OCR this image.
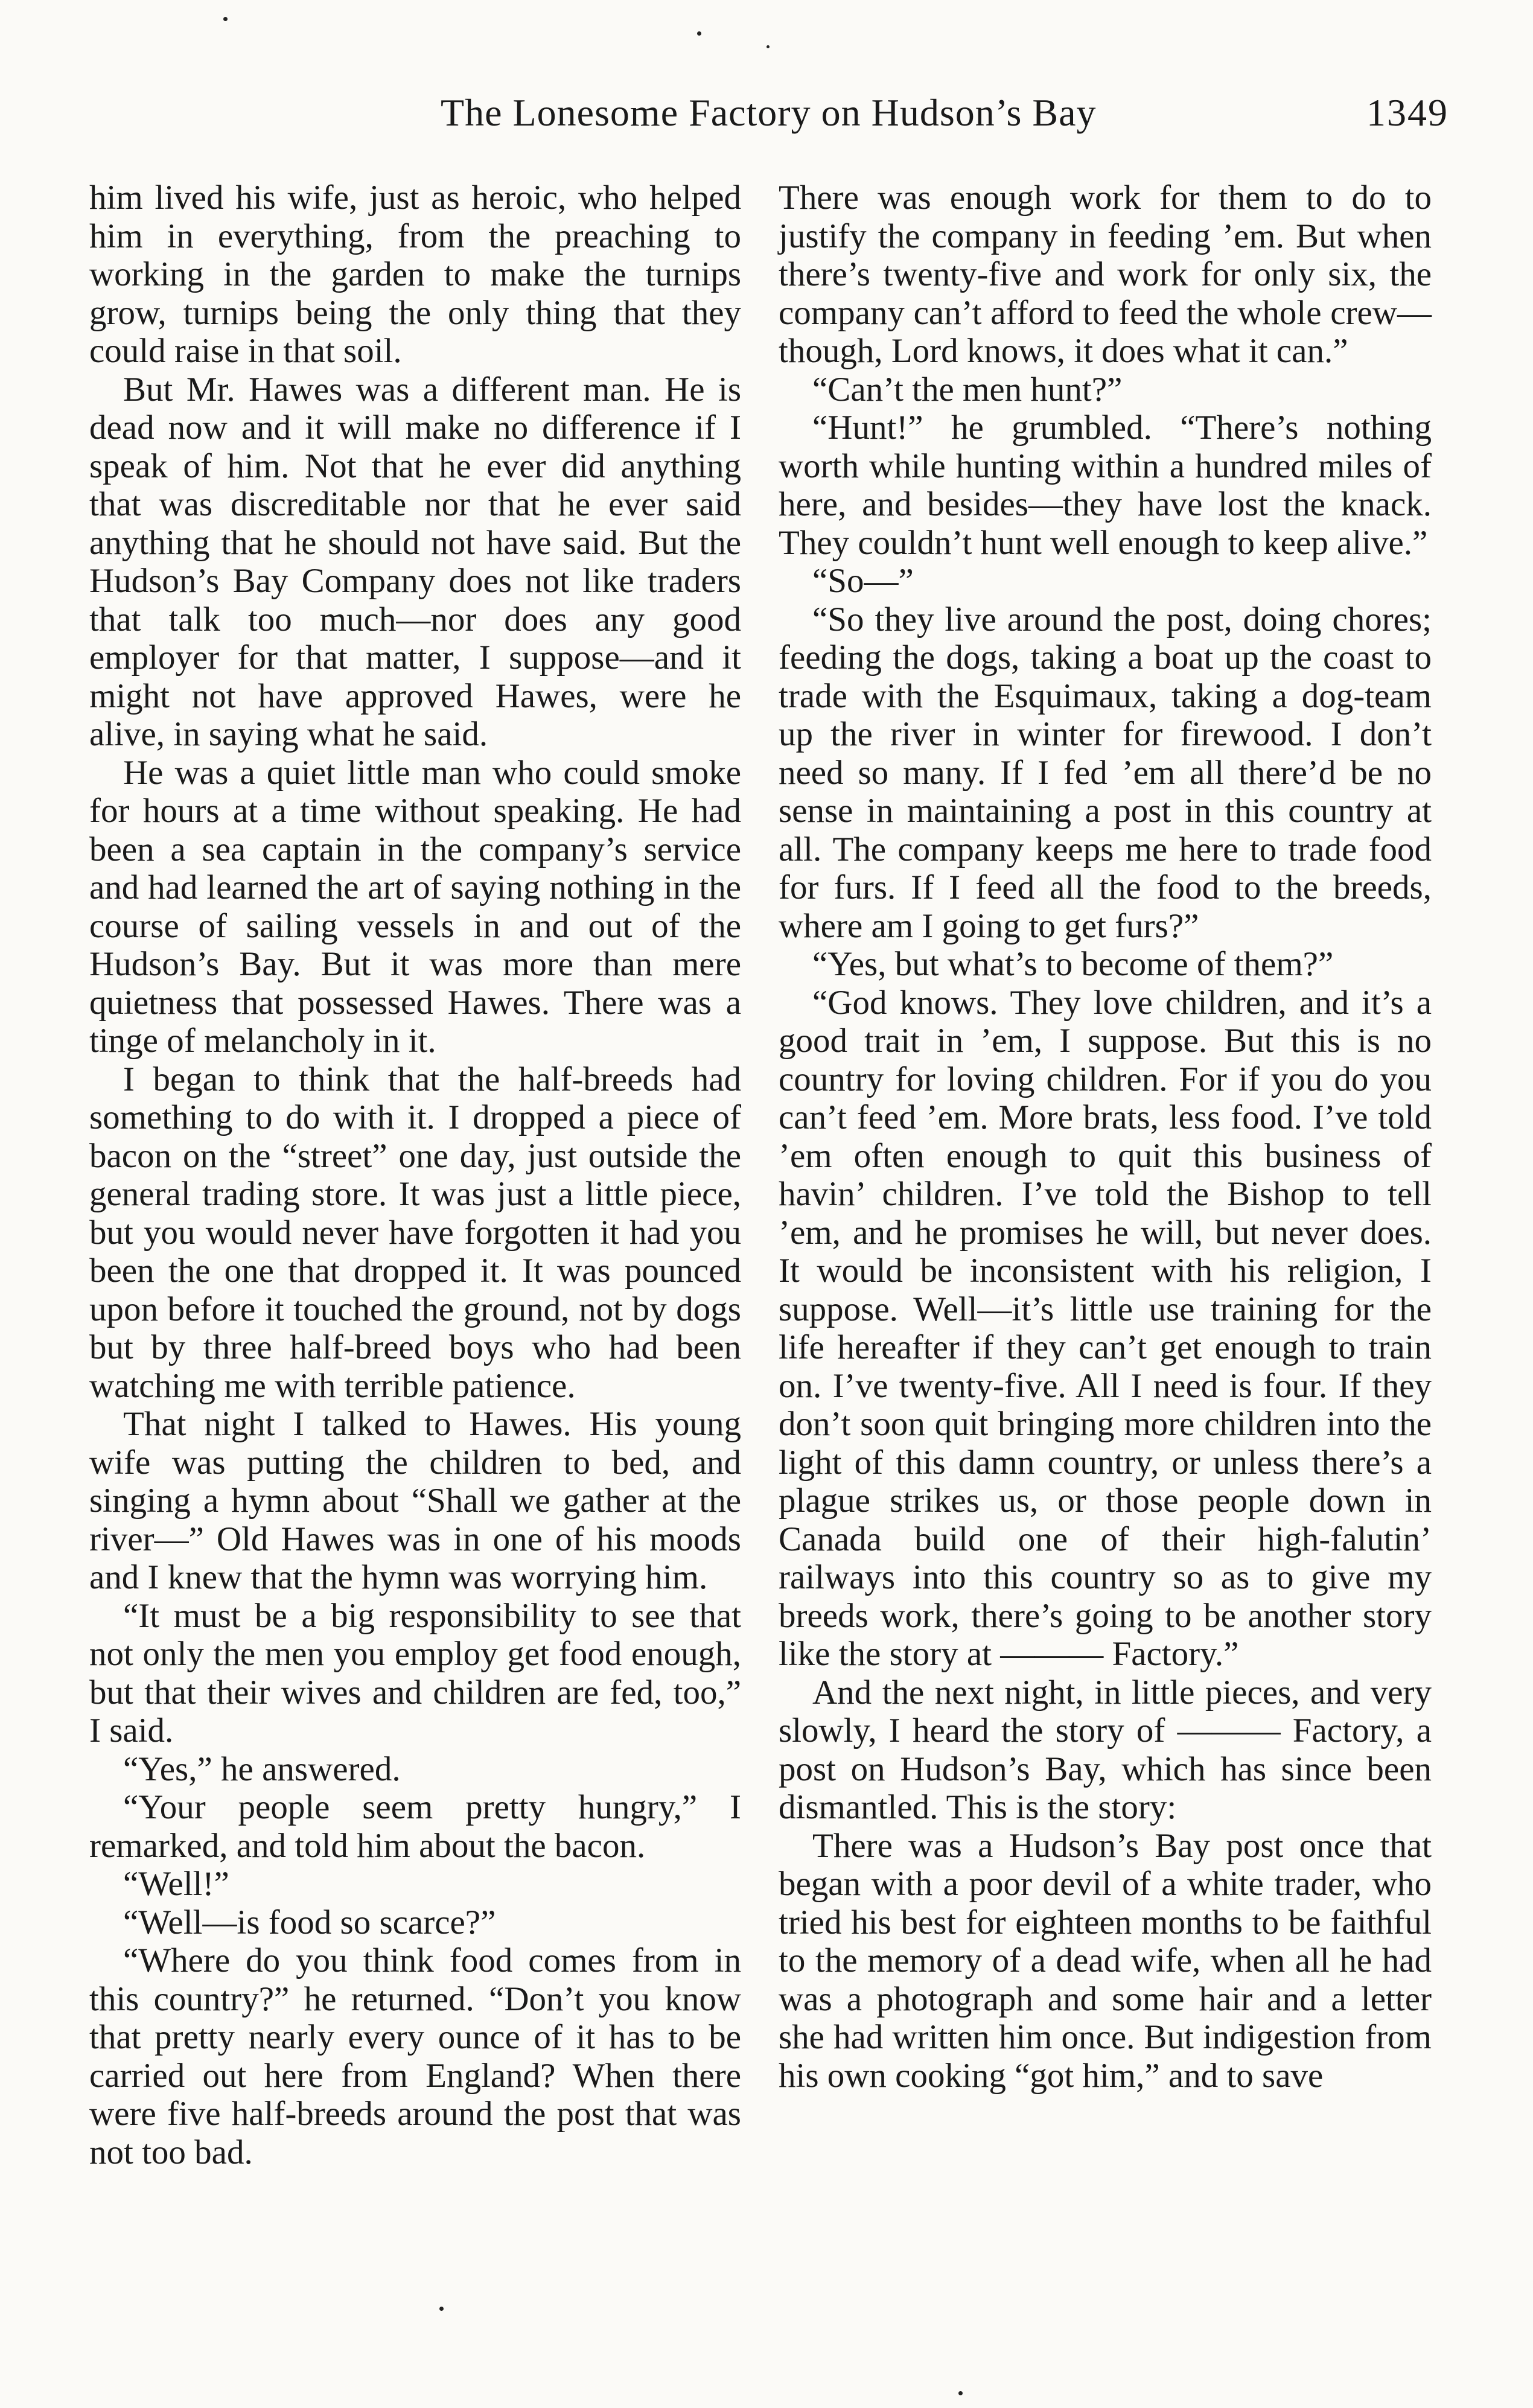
The Lonesome Factory on Hudson’s Bay	1349

him lived his wife, just as heroic, who helped him in everything, from the preaching to working in the garden to make the turnips grow, turnips being the only thing that they could raise in that soil.

But Mr. Hawes was a different man. He is dead now and it will make no difference if I speak of him. Not that he ever did anything that was discreditable nor that he ever said anything that he should not have said. But the Hudson’s Bay Company does not like traders that talk too much—nor does any good employer for that matter, I suppose—and it might not have approved Hawes, were he alive, in saying what he said.

He was a quiet little man who could smoke for hours at a time without speaking. He had been a sea captain in the company’s service and had learned the art of saying nothing in the course of sailing vessels in and out of the Hudson’s Bay. But it was more than mere quietness that possessed Hawes. There was a tinge of melancholy in it.

I began to think that the half-breeds had something to do with it. I dropped a piece of bacon on the “street” one day, just outside the general trading store. It was just a little piece, but you would never have forgotten it had you been the one that dropped it. It was pounced upon before it touched the ground, not by dogs but by three half-breed boys who had been watching me with terrible patience.

That night I talked to Hawes. His young wife was putting the children to bed, and singing a hymn about “Shall we gather at the river—” Old Hawes was in one of his moods and I knew that the hymn was worrying him.

“It must be a big responsibility to see that not only the men you employ get food enough, but that their wives and children are fed, too,” I said.

“Yes,” he answered.

“Your people seem pretty hungry,” I remarked, and told him about the bacon.

“Well!”

“Well—is food so scarce?”

“Where do you think food comes from in this country?” he returned. “Don’t you know that pretty nearly every ounce of it has to be carried out here from England? When there were five half-breeds around the post that was not too bad.

There was enough work for them to do to justify the company in feeding ’em. But when there’s twenty-five and work for only six, the company can’t afford to feed the whole crew—though, Lord knows, it does what it can.”

“Can’t the men hunt?”

“Hunt!” he grumbled. “There’s nothing worth while hunting within a hundred miles of here, and besides—they have lost the knack. They couldn’t hunt well enough to keep alive.”

“So—”

“So they live around the post, doing chores; feeding the dogs, taking a boat up the coast to trade with the Esquimaux, taking a dog-team up the river in winter for firewood. I don’t need so many. If I fed ’em all there’d be no sense in maintaining a post in this country at all. The company keeps me here to trade food for furs. If I feed all the food to the breeds, where am I going to get furs?”

“Yes, but what’s to become of them?”

“God knows. They love children, and it’s a good trait in ’em, I suppose. But this is no country for loving children. For if you do you can’t feed ’em. More brats, less food. I’ve told ’em often enough to quit this business of havin’ children. I’ve told the Bishop to tell ’em, and he promises he will, but never does. It would be inconsistent with his religion, I suppose. Well—it’s little use training for the life hereafter if they can’t get enough to train on. I’ve twenty-five. All I need is four. If they don’t soon quit bringing more children into the light of this damn country, or unless there’s a plague strikes us, or those people down in Canada build one of their high-falutin’ railways into this country so as to give my breeds work, there’s going to be another story like the story at ——— Factory.”

And the next night, in little pieces, and very slowly, I heard the story of ——— Factory, a post on Hudson’s Bay, which has since been dismantled. This is the story:

There was a Hudson’s Bay post once that began with a poor devil of a white trader, who tried his best for eighteen months to be faithful to the memory of a dead wife, when all he had was a photograph and some hair and a letter she had written him once. But indigestion from his own cooking “got him,” and to save
